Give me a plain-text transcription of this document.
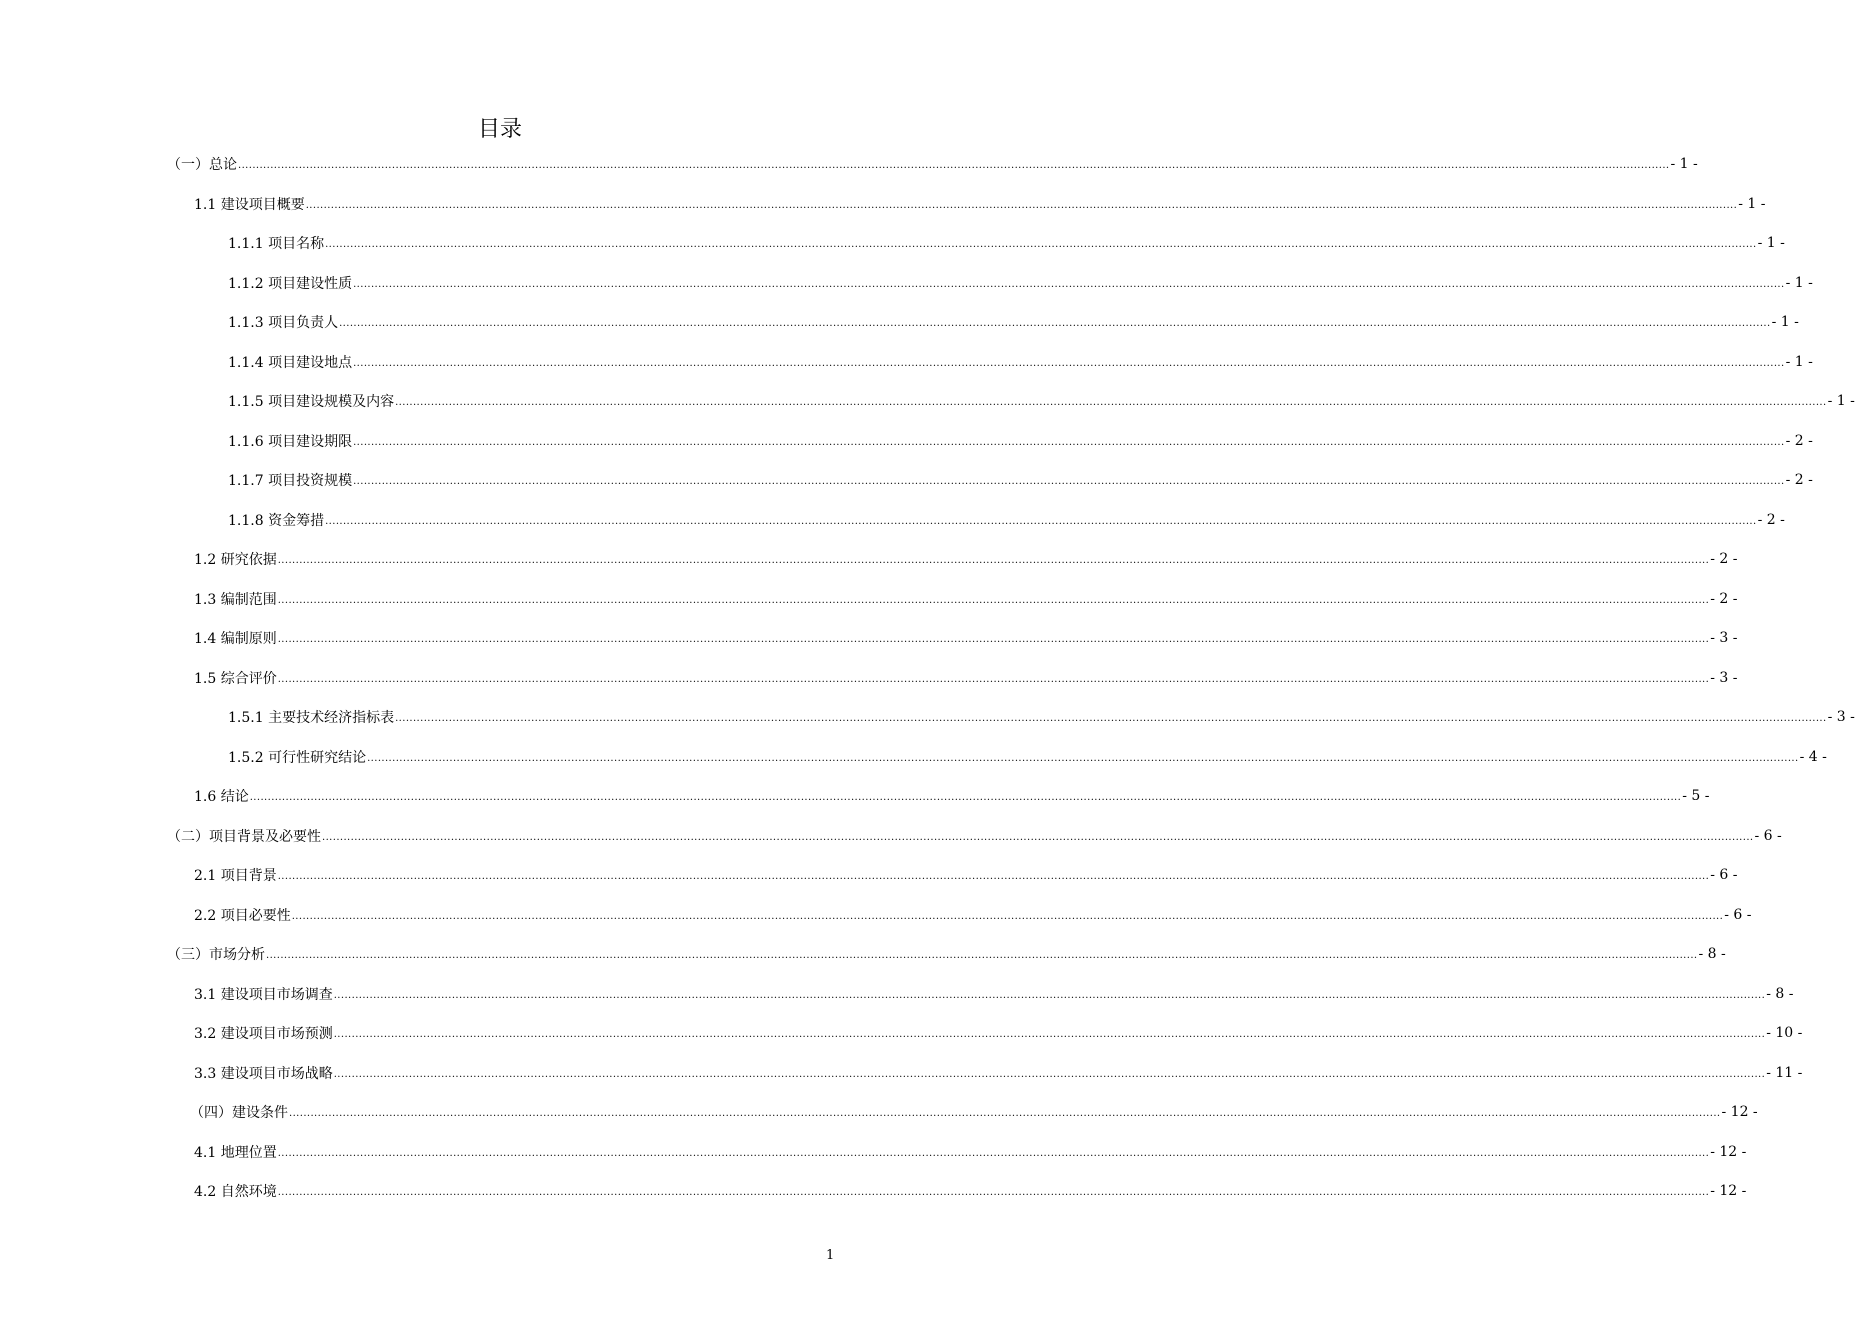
目录
（一）总论 ................................................................................................................................................................................................................................................................................................................................................................................................................ - 1 -
1.1 建设项目概要 ................................................................................................................................................................................................................................................................................................................................................................................................................ - 1 -
1.1.1 项目名称 ................................................................................................................................................................................................................................................................................................................................................................................................................ - 1 -
1.1.2 项目建设性质 ................................................................................................................................................................................................................................................................................................................................................................................................................ - 1 -
1.1.3 项目负责人 ................................................................................................................................................................................................................................................................................................................................................................................................................ - 1 -
1.1.4 项目建设地点 ................................................................................................................................................................................................................................................................................................................................................................................................................ - 1 -
1.1.5 项目建设规模及内容 ................................................................................................................................................................................................................................................................................................................................................................................................................ - 1 -
1.1.6 项目建设期限 ................................................................................................................................................................................................................................................................................................................................................................................................................ - 2 -
1.1.7 项目投资规模 ................................................................................................................................................................................................................................................................................................................................................................................................................ - 2 -
1.1.8 资金筹措 ................................................................................................................................................................................................................................................................................................................................................................................................................ - 2 -
1.2 研究依据 ................................................................................................................................................................................................................................................................................................................................................................................................................ - 2 -
1.3 编制范围 ................................................................................................................................................................................................................................................................................................................................................................................................................ - 2 -
1.4 编制原则 ................................................................................................................................................................................................................................................................................................................................................................................................................ - 3 -
1.5 综合评价 ................................................................................................................................................................................................................................................................................................................................................................................................................ - 3 -
1.5.1 主要技术经济指标表 ................................................................................................................................................................................................................................................................................................................................................................................................................ - 3 -
1.5.2 可行性研究结论 ................................................................................................................................................................................................................................................................................................................................................................................................................ - 4 -
1.6 结论 ................................................................................................................................................................................................................................................................................................................................................................................................................ - 5 -
（二）项目背景及必要性 ................................................................................................................................................................................................................................................................................................................................................................................................................ - 6 -
2.1 项目背景 ................................................................................................................................................................................................................................................................................................................................................................................................................ - 6 -
2.2 项目必要性 ................................................................................................................................................................................................................................................................................................................................................................................................................ - 6 -
（三）市场分析 ................................................................................................................................................................................................................................................................................................................................................................................................................ - 8 -
3.1 建设项目市场调查 ................................................................................................................................................................................................................................................................................................................................................................................................................ - 8 -
3.2 建设项目市场预测 ................................................................................................................................................................................................................................................................................................................................................................................................................ - 10 -
3.3 建设项目市场战略 ................................................................................................................................................................................................................................................................................................................................................................................................................ - 11 -
（四）建设条件 ................................................................................................................................................................................................................................................................................................................................................................................................................ - 12 -
4.1 地理位置 ................................................................................................................................................................................................................................................................................................................................................................................................................ - 12 -
4.2 自然环境 ................................................................................................................................................................................................................................................................................................................................................................................................................ - 12 -
1
